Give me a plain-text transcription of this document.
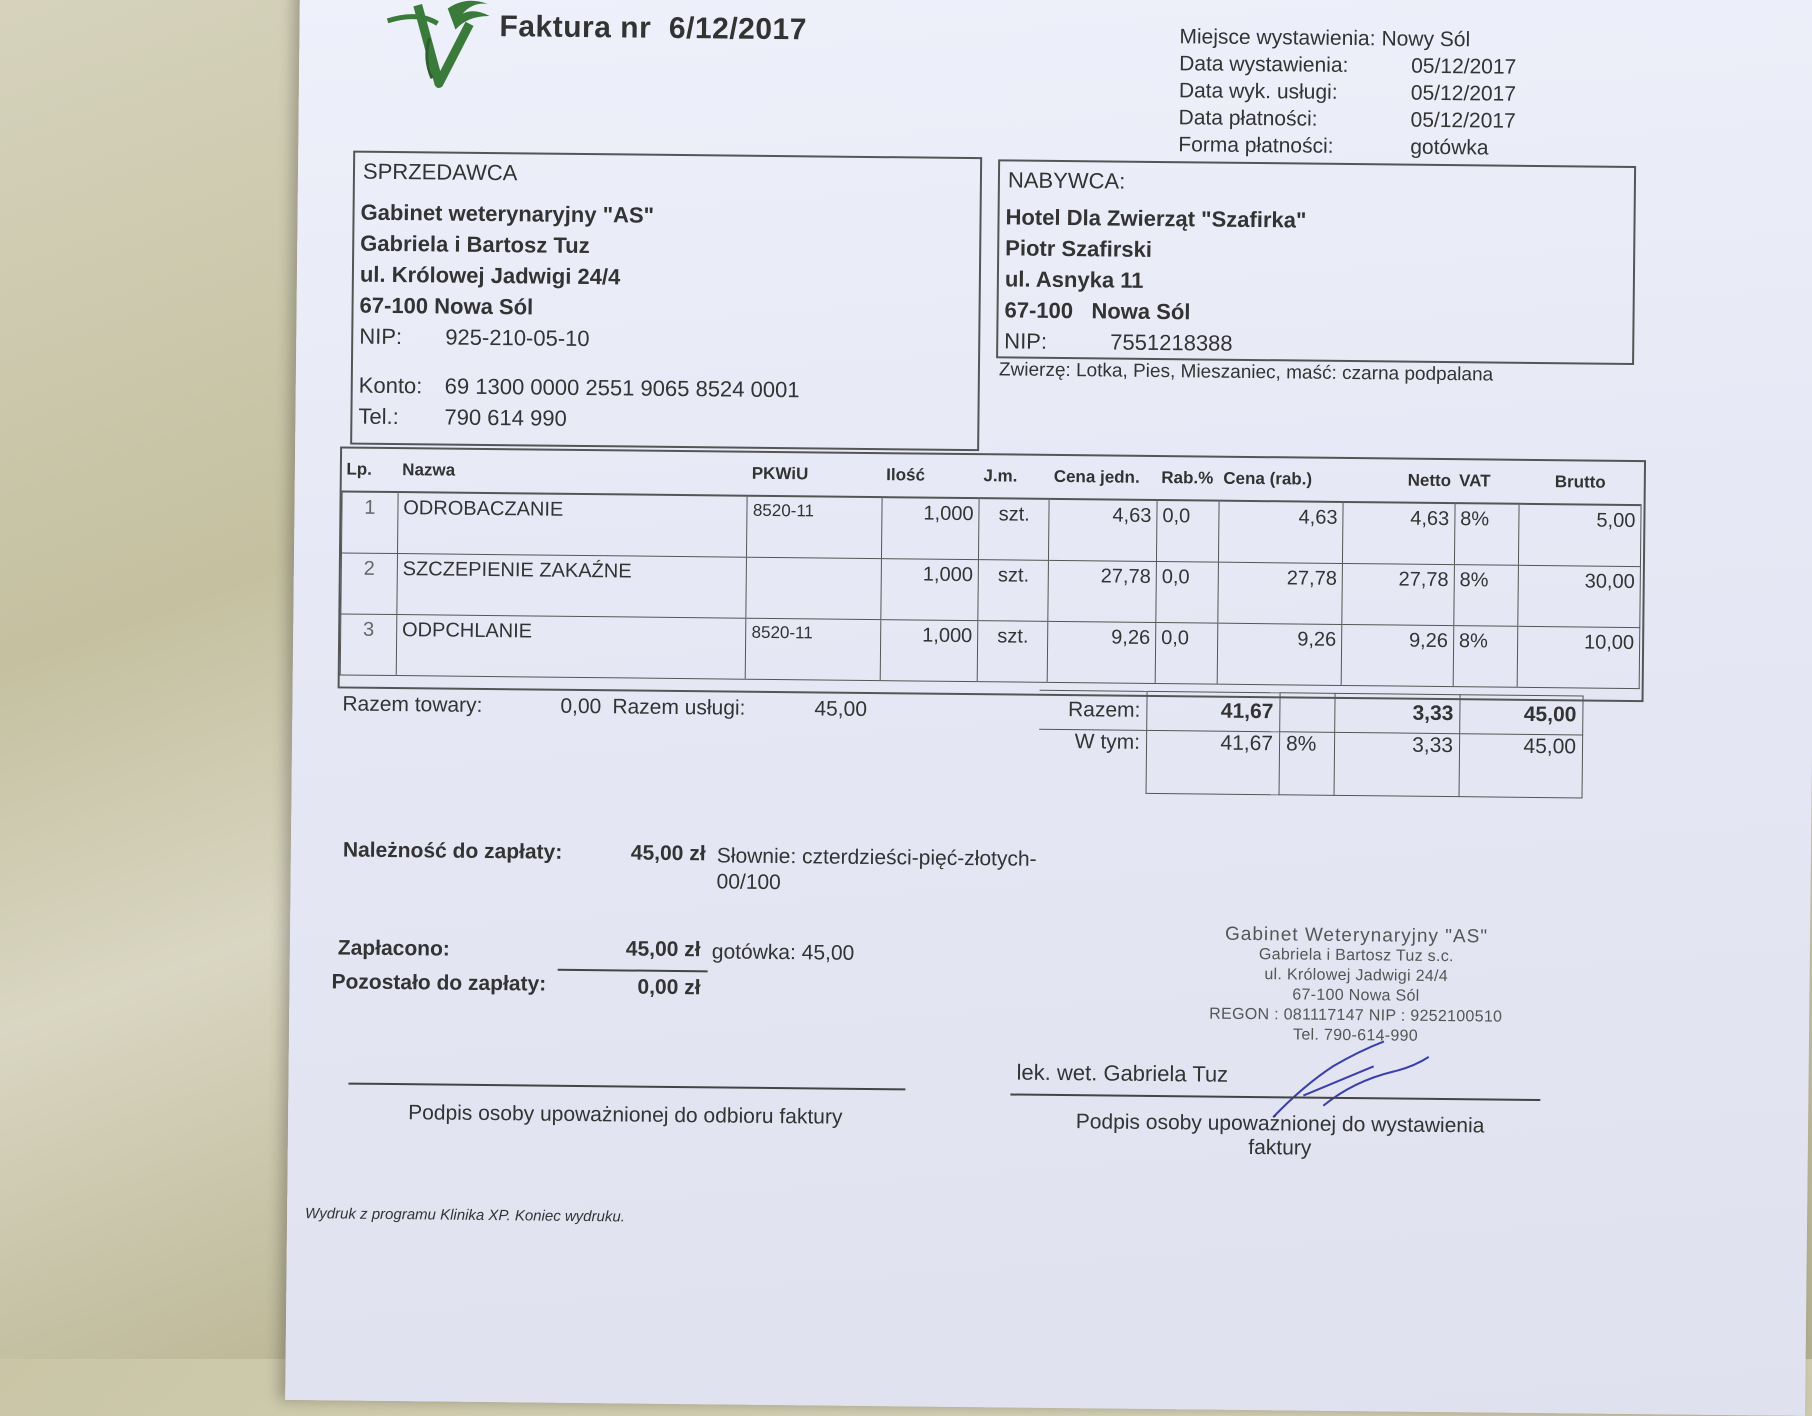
Faktura nr 6/12/2017	Miejsce wystawienia: Nowy Sól
Data wystawienia:	05/12/2017
Data wyk. usługi:	05/12/2017
Data płatności:	05/12/2017
Forma płatności:	gotówka
SPRZEDAWCA
Gabinet weterynaryjny "AS"
Gabriela i Bartosz Tuz
ul. Królowej Jadwigi 24/4
67-100 Nowa Sól
NIP:	925-210-05-10
Konto:	69 1300 0000 2551 9065 8524 0001
Tel.:	790 614 990
NABYWCA:
Hotel Dla Zwierząt "Szafirka"
Piotr Szafirski
ul. Asnyka 11
67-100 Nowa Sól
NIP:	7551218388
Zwierzę: Lotka, Pies, Mieszaniec, maść: czarna podpalana
Lp.	Nazwa	PKWiU	Ilość	J.m.	Cena jedn.	Rab.%	Cena (rab.)	Netto	VAT	Brutto
1	ODROBACZANIE	8520-11	1,000	szt.	4,63	0,0	4,63	4,63	8%	5,00
2	SZCZEPIENIE ZAKAŹNE		1,000	szt.	27,78	0,0	27,78	27,78	8%	30,00
3	ODPCHLANIE	8520-11	1,000	szt.	9,26	0,0	9,26	9,26	8%	10,00
Razem towary:	0,00 Razem usługi:	45,00	Razem:	41,67		3,33	45,00
W tym:	41,67	8%	3,33	45,00
Należność do zapłaty:	45,00 zł Słownie: czterdzieści-pięć-złotych-
00/100
Zapłacono:	45,00 zł gotówka: 45,00
Pozostało do zapłaty:	0,00 zł
Gabinet Weterynaryjny "AS"
Gabriela i Bartosz Tuz s.c.
ul. Królowej Jadwigi 24/4
67-100 Nowa Sól
REGON : 081117147 NIP : 9252100510
Tel. 790-614-990
lek. wet. Gabriela Tuz
Podpis osoby upoważnionej do odbioru faktury	Podpis osoby upoważnionej do wystawienia
faktury
Wydruk z programu Klinika XP. Koniec wydruku.
